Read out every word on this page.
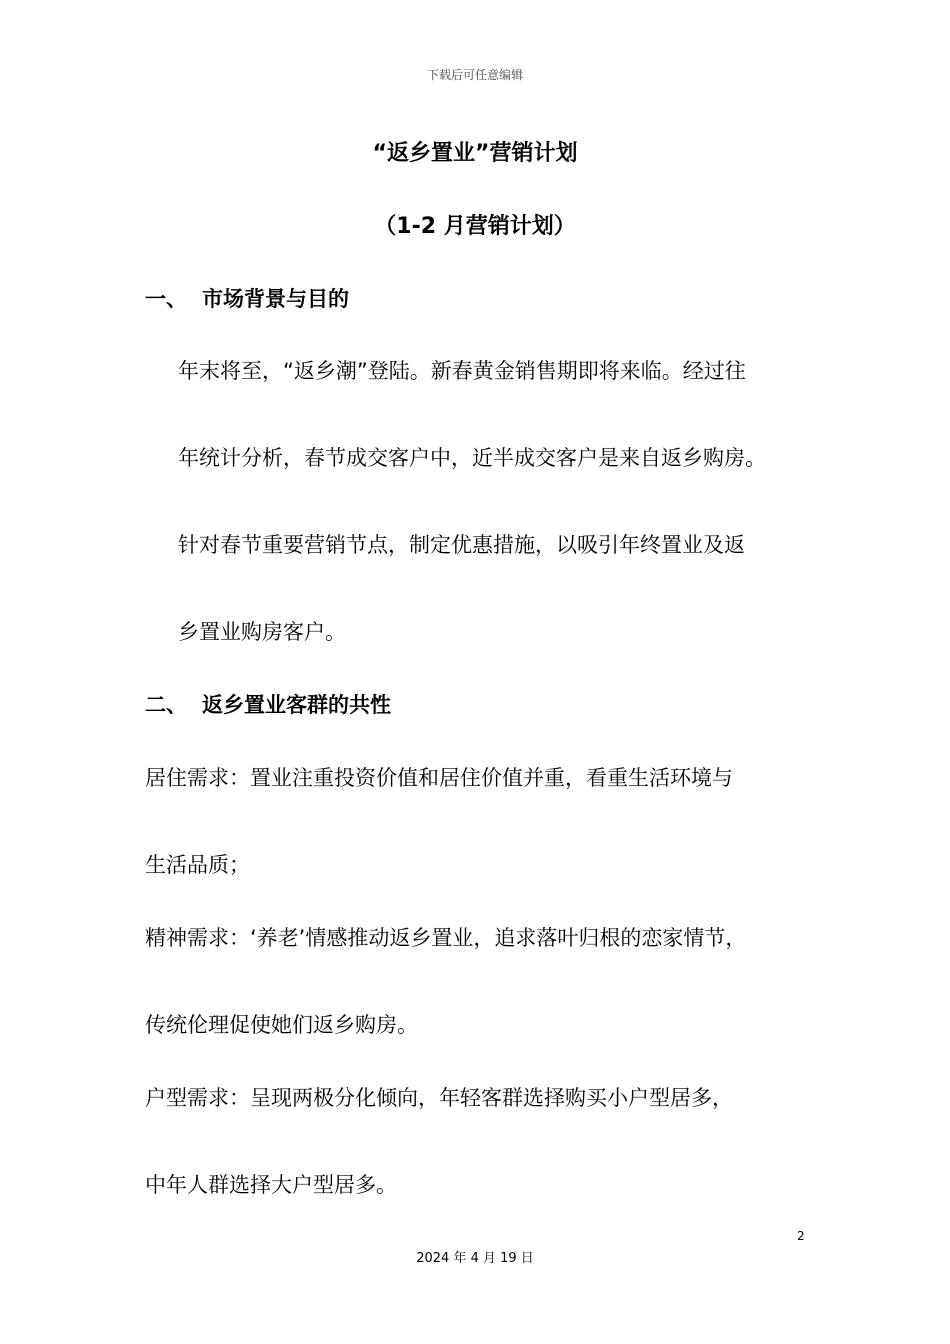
下载后可任意编辑
“返乡置业”营销计划
（1-2 月营销计划）
一、 市场背景与目的
年末将至，“返乡潮”登陆。新春黄金销售期即将来临。经过往
年统计分析，春节成交客户中，近半成交客户是来自返乡购房。
针对春节重要营销节点，制定优惠措施，以吸引年终置业及返
乡置业购房客户。
二、 返乡置业客群的共性
居住需求：置业注重投资价值和居住价值并重，看重生活环境与
生活品质；
精神需求：‘养老’情感推动返乡置业，追求落叶归根的恋家情节，
传统伦理促使她们返乡购房。
户型需求：呈现两极分化倾向，年轻客群选择购买小户型居多，
中年人群选择大户型居多。
2
2024 年 4 月 19 日
